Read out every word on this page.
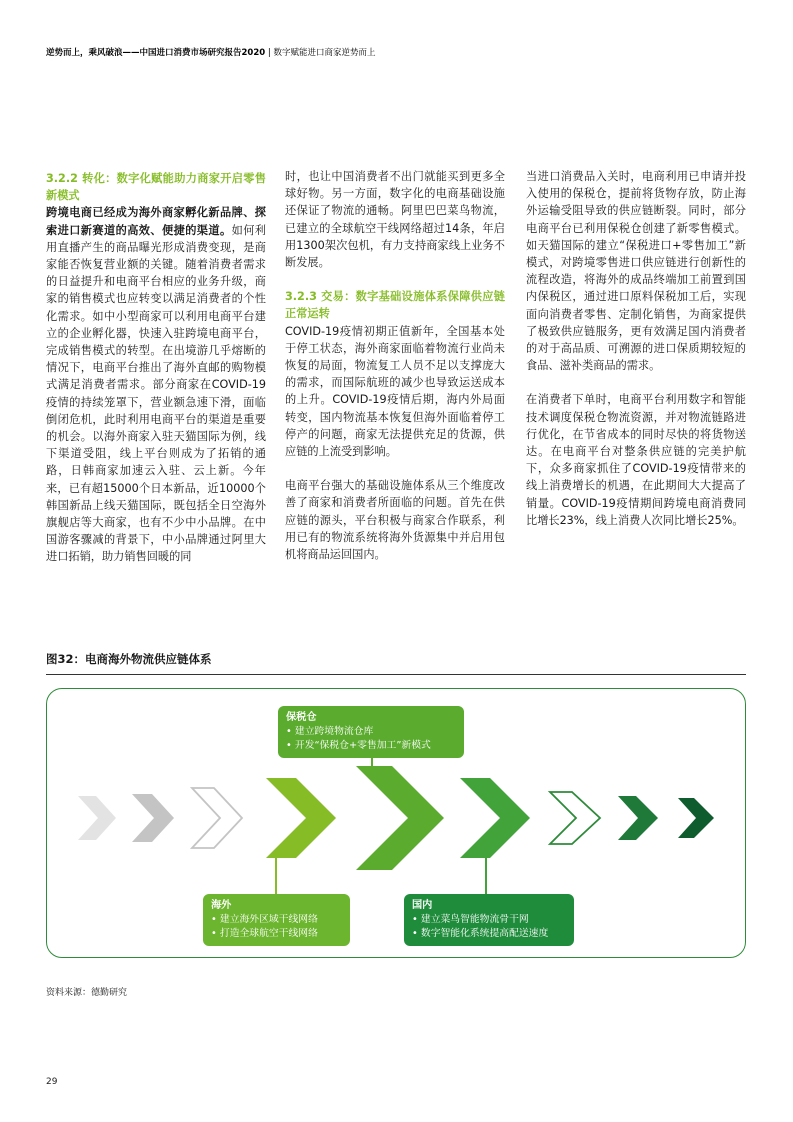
逆势而上，乘风破浪——中国进口消费市场研究报告2020 | 数字赋能进口商家逆势而上
3.2.2 转化：数字化赋能助力商家开启零售新模式
跨境电商已经成为海外商家孵化新品牌、探索进口新赛道的高效、便捷的渠道。如何利用直播产生的商品曝光形成消费变现，是商家能否恢复营业额的关键。随着消费者需求的日益提升和电商平台相应的业务升级，商家的销售模式也应转变以满足消费者的个性化需求。如中小型商家可以利用电商平台建立的企业孵化器，快速入驻跨境电商平台，完成销售模式的转型。在出境游几乎熔断的情况下，电商平台推出了海外直邮的购物模式满足消费者需求。部分商家在COVID-19疫情的持续笼罩下，营业额急速下滑，面临倒闭危机，此时利用电商平台的渠道是重要的机会。以海外商家入驻天猫国际为例，线下渠道受阻，线上平台则成为了拓销的通路，日韩商家加速云入驻、云上新。今年来，已有超15000个日本新品，近10000个韩国新品上线天猫国际，既包括全日空海外旗舰店等大商家，也有不少中小品牌。在中国游客骤减的背景下，中小品牌通过阿里大进口拓销，助力销售回暖的同
时，也让中国消费者不出门就能买到更多全球好物。另一方面，数字化的电商基础设施还保证了物流的通畅。阿里巴巴菜鸟物流，已建立的全球航空干线网络超过14条，年启用1300架次包机，有力支持商家线上业务不断发展。
3.2.3 交易：数字基础设施体系保障供应链正常运转
COVID-19疫情初期正值新年，全国基本处于停工状态，海外商家面临着物流行业尚未恢复的局面，物流复工人员不足以支撑庞大的需求，而国际航班的减少也导致运送成本的上升。COVID-19疫情后期，海内外局面转变，国内物流基本恢复但海外面临着停工停产的问题，商家无法提供充足的货源，供应链的上流受到影响。
电商平台强大的基础设施体系从三个维度改善了商家和消费者所面临的问题。首先在供应链的源头，平台积极与商家合作联系，利用已有的物流系统将海外货源集中并启用包机将商品运回国内。
当进口消费品入关时，电商利用已申请并投入使用的保税仓，提前将货物存放，防止海外运输受阻导致的供应链断裂。同时，部分电商平台已利用保税仓创建了新零售模式。如天猫国际的建立“保税进口+零售加工”新模式，对跨境零售进口供应链进行创新性的流程改造，将海外的成品终端加工前置到国内保税区，通过进口原料保税加工后，实现面向消费者零售、定制化销售，为商家提供了极致供应链服务，更有效满足国内消费者的对于高品质、可溯源的进口保质期较短的食品、滋补类商品的需求。
在消费者下单时，电商平台利用数字和智能技术调度保税仓物流资源，并对物流链路进行优化，在节省成本的同时尽快的将货物送达。在电商平台对整条供应链的完美护航下，众多商家抓住了COVID-19疫情带来的线上消费增长的机遇，在此期间大大提高了销量。COVID-19疫情期间跨境电商消费同比增长23%，线上消费人次同比增长25%。
图32：电商海外物流供应链体系
保税仓
• 建立跨境物流仓库
• 开发“保税仓+零售加工”新模式
海外
• 建立海外区域干线网络
• 打造全球航空干线网络
国内
• 建立菜鸟智能物流骨干网
• 数字智能化系统提高配送速度
资料来源：德勤研究
29
